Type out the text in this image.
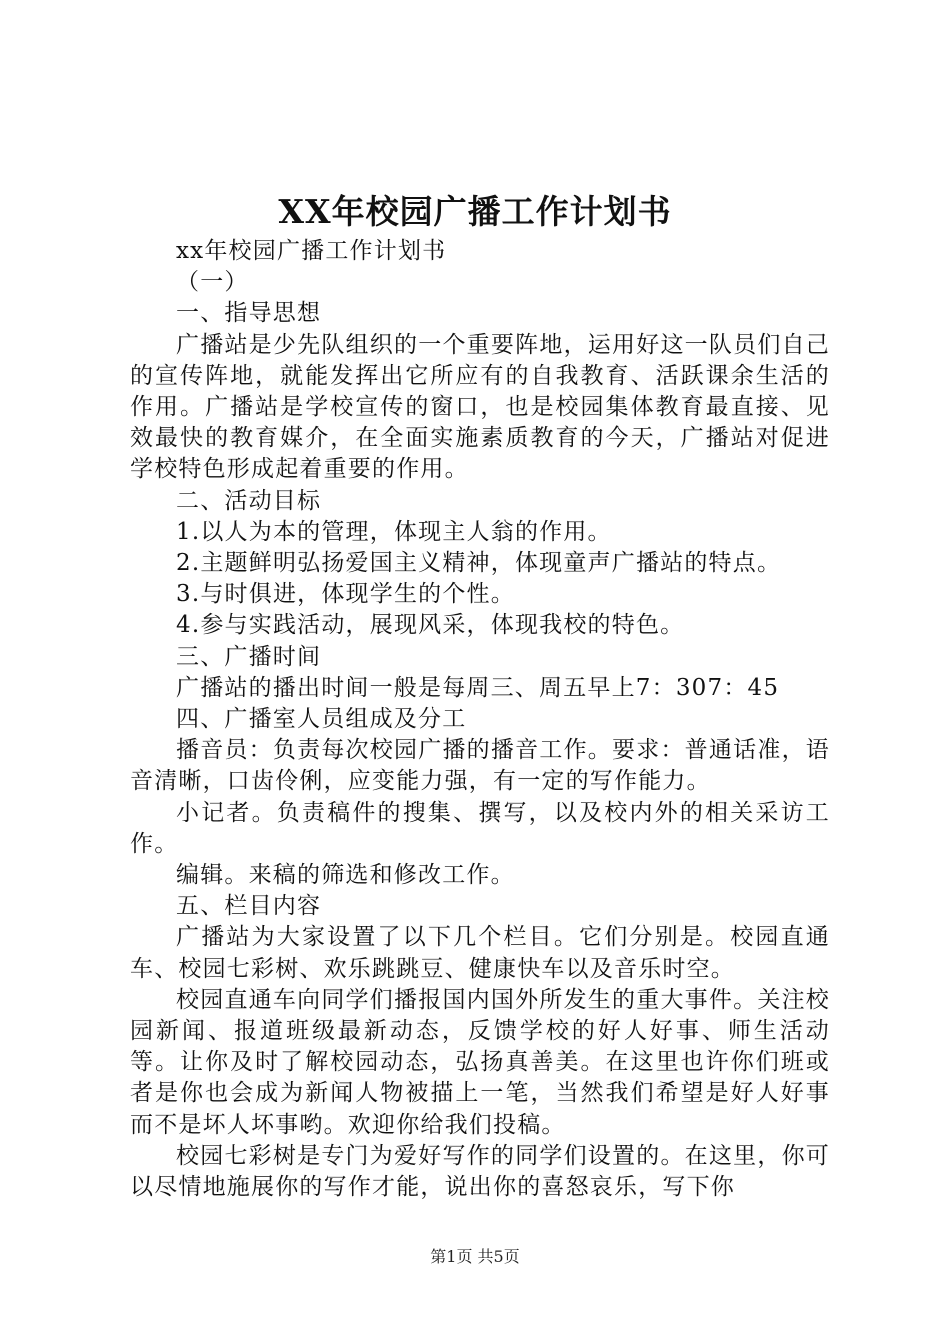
XX年校园广播工作计划书

xx年校园广播工作计划书

（一）

一、指导思想

广播站是少先队组织的一个重要阵地，运用好这一队员们自己的宣传阵地，就能发挥出它所应有的自我教育、活跃课余生活的作用。广播站是学校宣传的窗口，也是校园集体教育最直接、见效最快的教育媒介，在全面实施素质教育的今天，广播站对促进学校特色形成起着重要的作用。

二、活动目标

1.以人为本的管理，体现主人翁的作用。

2.主题鲜明弘扬爱国主义精神，体现童声广播站的特点。

3.与时俱进，体现学生的个性。

4.参与实践活动，展现风采，体现我校的特色。

三、广播时间

广播站的播出时间一般是每周三、周五早上7：307：45

四、广播室人员组成及分工

播音员：负责每次校园广播的播音工作。要求：普通话准，语音清晰，口齿伶俐，应变能力强，有一定的写作能力。

小记者。负责稿件的搜集、撰写，以及校内外的相关采访工作。

编辑。来稿的筛选和修改工作。

五、栏目内容

广播站为大家设置了以下几个栏目。它们分别是。校园直通车、校园七彩树、欢乐跳跳豆、健康快车以及音乐时空。

校园直通车向同学们播报国内国外所发生的重大事件。关注校园新闻、报道班级最新动态，反馈学校的好人好事、师生活动等。让你及时了解校园动态，弘扬真善美。在这里也许你们班或者是你也会成为新闻人物被描上一笔，当然我们希望是好人好事而不是坏人坏事哟。欢迎你给我们投稿。

校园七彩树是专门为爱好写作的同学们设置的。在这里，你可以尽情地施展你的写作才能，说出你的喜怒哀乐，写下你

第1页 共5页
